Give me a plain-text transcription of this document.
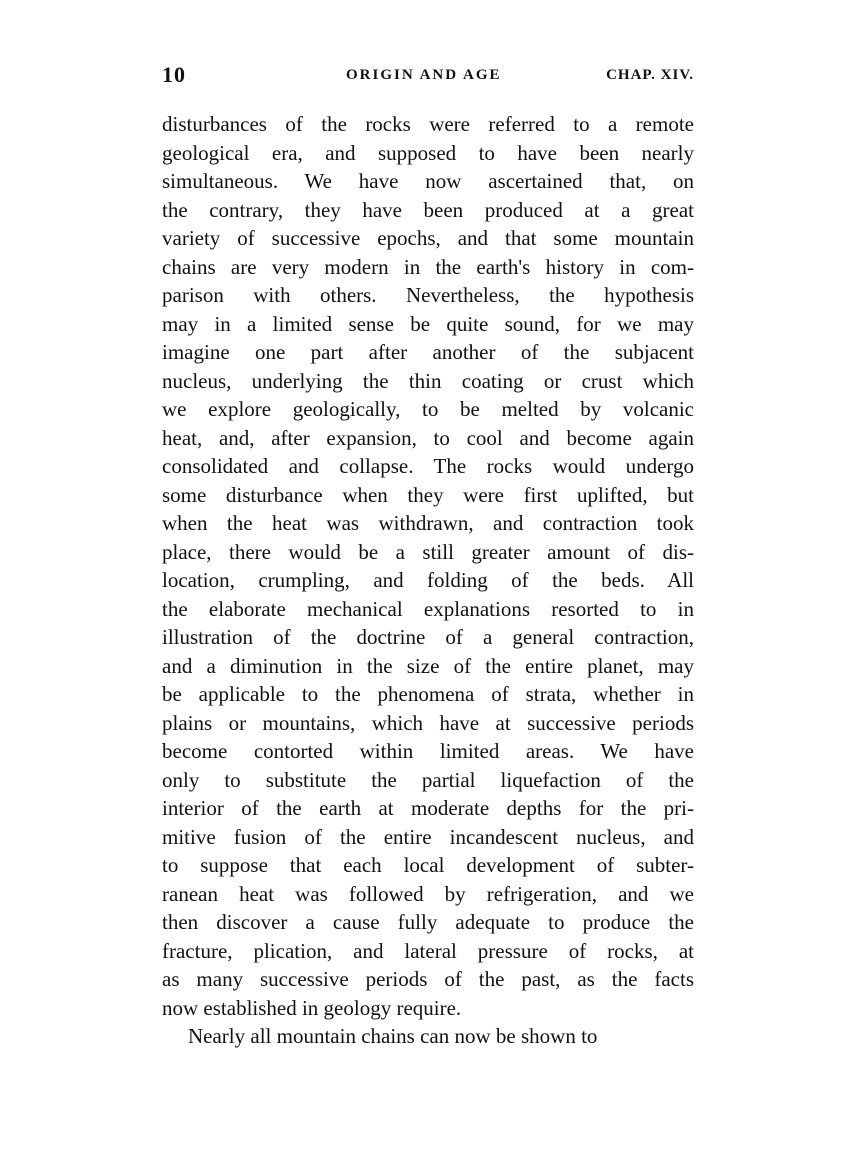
10	ORIGIN AND AGE	CHAP. XIV.
disturbances of the rocks were referred to a remote
geological era, and supposed to have been nearly
simultaneous. We have now ascertained that, on
the contrary, they have been produced at a great
variety of successive epochs, and that some mountain
chains are very modern in the earth's history in com-
parison with others. Nevertheless, the hypothesis
may in a limited sense be quite sound, for we may
imagine one part after another of the subjacent
nucleus, underlying the thin coating or crust which
we explore geologically, to be melted by volcanic
heat, and, after expansion, to cool and become again
consolidated and collapse. The rocks would undergo
some disturbance when they were first uplifted, but
when the heat was withdrawn, and contraction took
place, there would be a still greater amount of dis-
location, crumpling, and folding of the beds. All
the elaborate mechanical explanations resorted to in
illustration of the doctrine of a general contraction,
and a diminution in the size of the entire planet, may
be applicable to the phenomena of strata, whether in
plains or mountains, which have at successive periods
become contorted within limited areas. We have
only to substitute the partial liquefaction of the
interior of the earth at moderate depths for the pri-
mitive fusion of the entire incandescent nucleus, and
to suppose that each local development of subter-
ranean heat was followed by refrigeration, and we
then discover a cause fully adequate to produce the
fracture, plication, and lateral pressure of rocks, at
as many successive periods of the past, as the facts
now established in geology require.
Nearly all mountain chains can now be shown to
